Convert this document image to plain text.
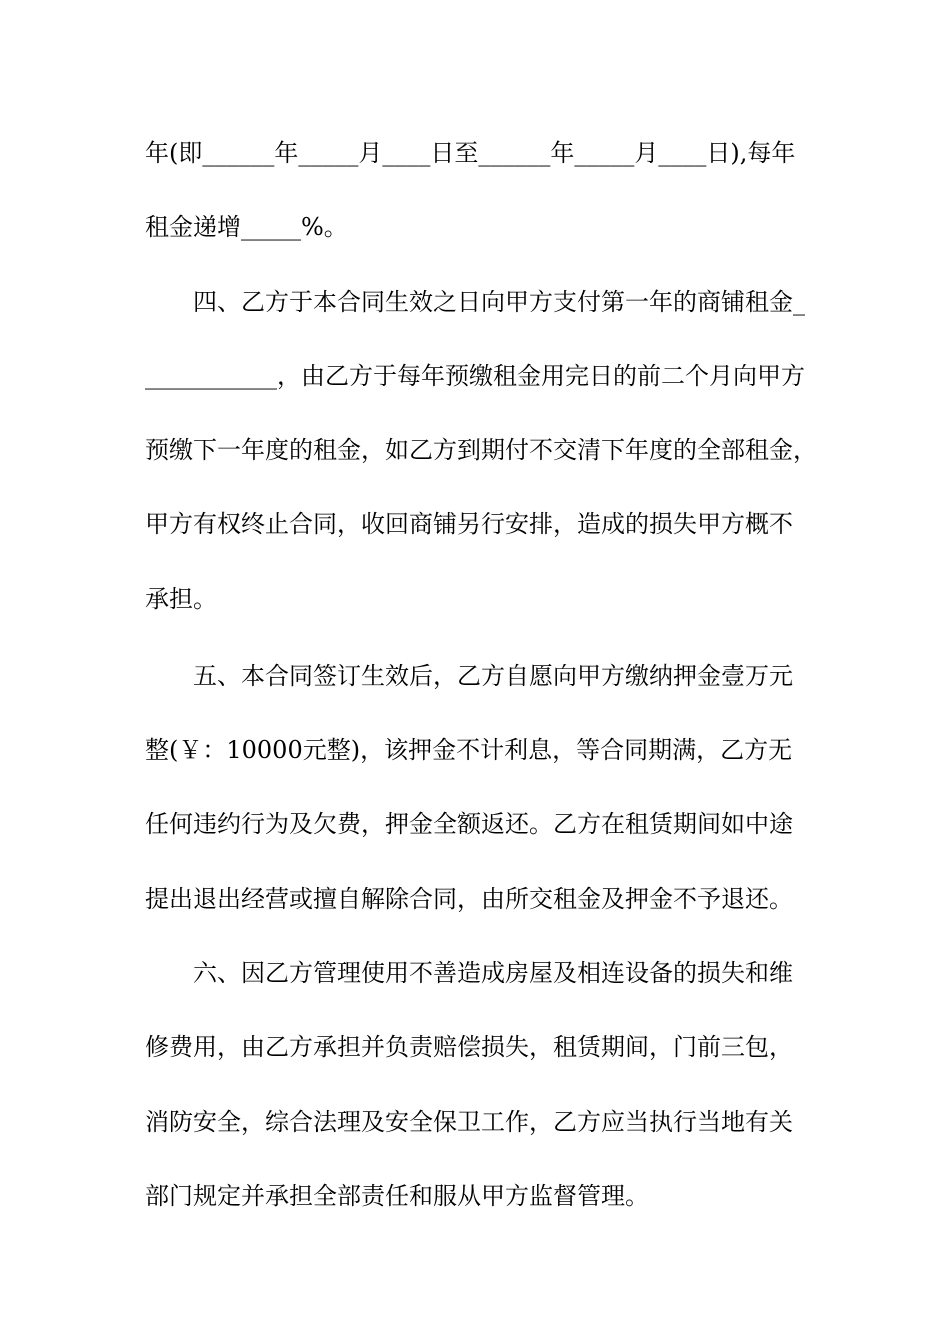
年(即______年_____月____日至______年_____月____日),每年
租金递增_____%。
四、乙方于本合同生效之日向甲方支付第一年的商铺租金_
___________，由乙方于每年预缴租金用完日的前二个月向甲方
预缴下一年度的租金，如乙方到期付不交清下年度的全部租金，
甲方有权终止合同，收回商铺另行安排，造成的损失甲方概不
承担。
五、本合同签订生效后，乙方自愿向甲方缴纳押金壹万元
整(￥：10000元整)，该押金不计利息，等合同期满，乙方无
任何违约行为及欠费，押金全额返还。乙方在租赁期间如中途
提出退出经营或擅自解除合同，由所交租金及押金不予退还。
六、因乙方管理使用不善造成房屋及相连设备的损失和维
修费用，由乙方承担并负责赔偿损失，租赁期间，门前三包，
消防安全，综合法理及安全保卫工作，乙方应当执行当地有关
部门规定并承担全部责任和服从甲方监督管理。
